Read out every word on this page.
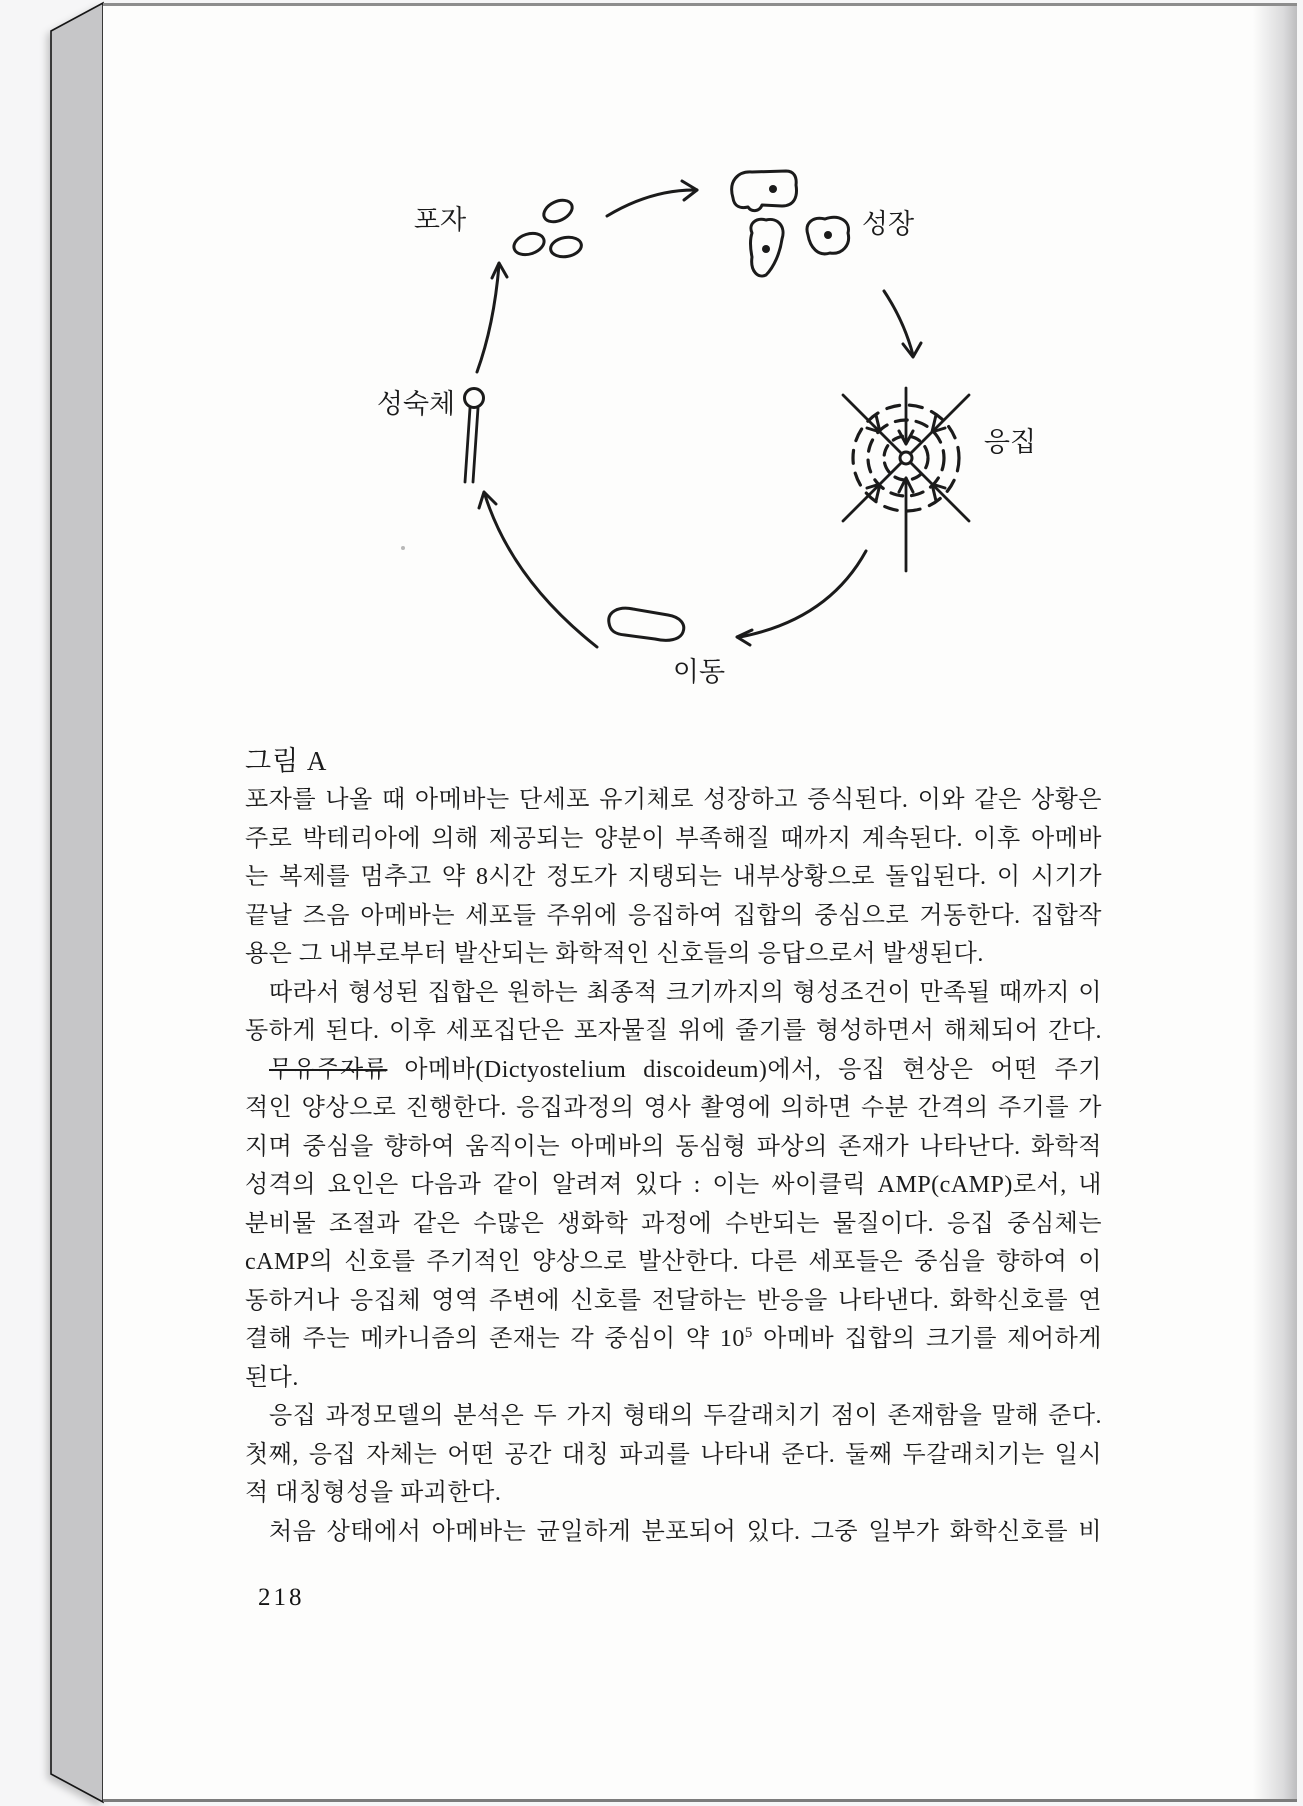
포자	성장
응집
이동
성숙체
그림 A
포자를 나올 때 아메바는 단세포 유기체로 성장하고 증식된다. 이와 같은 상황은
주로 박테리아에 의해 제공되는 양분이 부족해질 때까지 계속된다. 이후 아메바
는 복제를 멈추고 약 8시간 정도가 지탱되는 내부상황으로 돌입된다. 이 시기가
끝날 즈음 아메바는 세포들 주위에 응집하여 집합의 중심으로 거동한다. 집합작
용은 그 내부로부터 발산되는 화학적인 신호들의 응답으로서 발생된다.
따라서 형성된 집합은 원하는 최종적 크기까지의 형성조건이 만족될 때까지 이
동하게 된다. 이후 세포집단은 포자물질 위에 줄기를 형성하면서 해체되어 간다.
무유주자류 아메바(Dictyostelium discoideum)에서, 응집 현상은 어떤 주기
적인 양상으로 진행한다. 응집과정의 영사 촬영에 의하면 수분 간격의 주기를 가
지며 중심을 향하여 움직이는 아메바의 동심형 파상의 존재가 나타난다. 화학적
성격의 요인은 다음과 같이 알려져 있다 : 이는 싸이클릭 AMP(cAMP)로서, 내
분비물 조절과 같은 수많은 생화학 과정에 수반되는 물질이다. 응집 중심체는
cAMP의 신호를 주기적인 양상으로 발산한다. 다른 세포들은 중심을 향하여 이
동하거나 응집체 영역 주변에 신호를 전달하는 반응을 나타낸다. 화학신호를 연
결해 주는 메카니즘의 존재는 각 중심이 약 $10^5$ 아메바 집합의 크기를 제어하게
된다.
응집 과정모델의 분석은 두 가지 형태의 두갈래치기 점이 존재함을 말해 준다.
첫째, 응집 자체는 어떤 공간 대칭 파괴를 나타내 준다. 둘째 두갈래치기는 일시
적 대칭형성을 파괴한다.
처음 상태에서 아메바는 균일하게 분포되어 있다. 그중 일부가 화학신호를 비
218
